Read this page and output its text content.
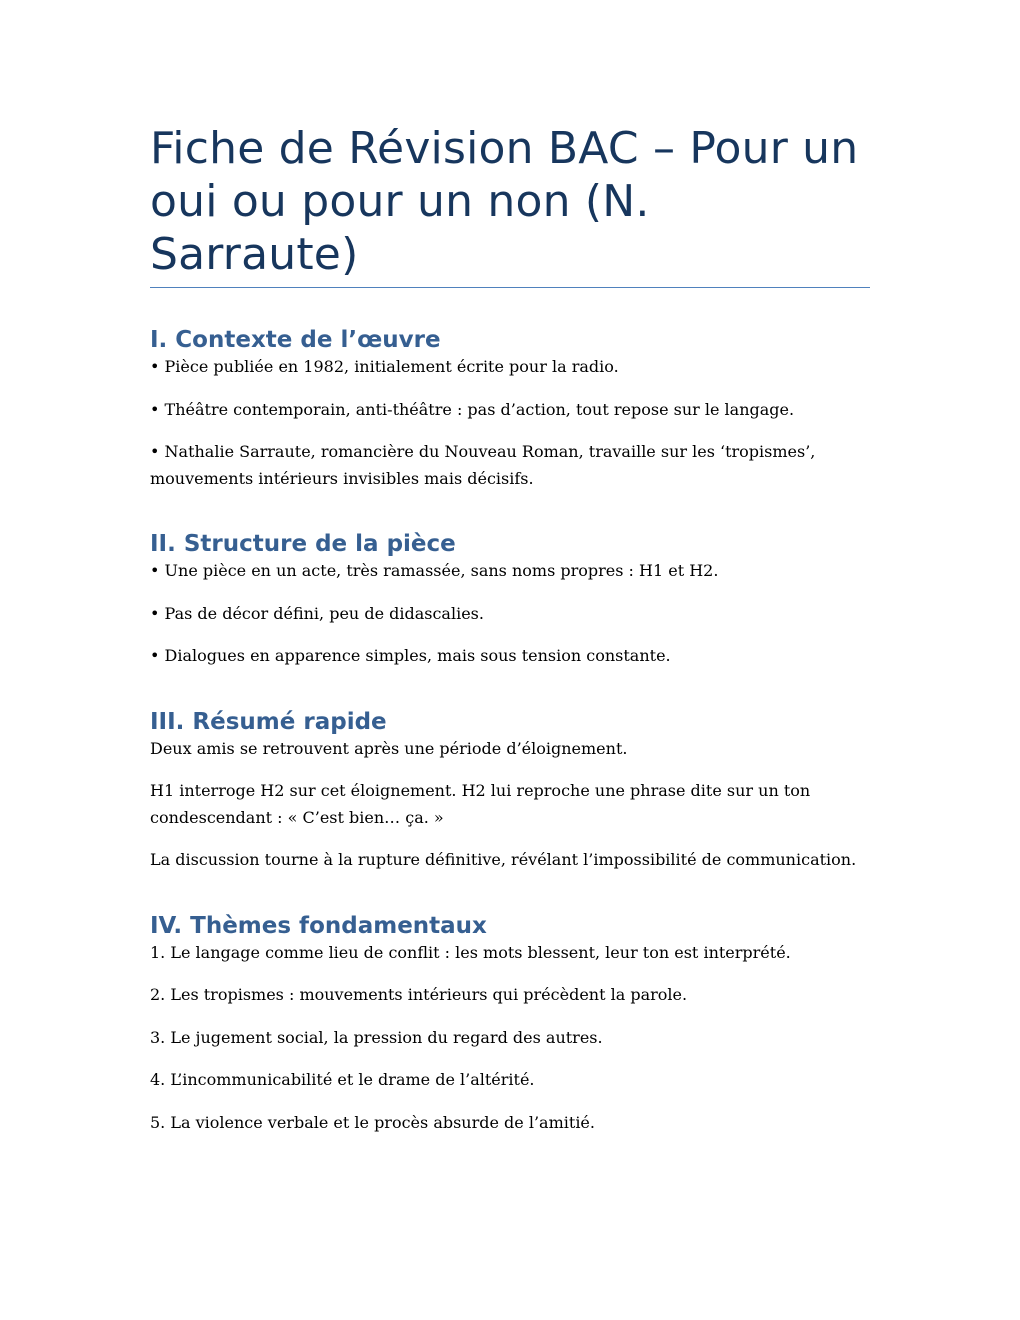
Fiche de Révision BAC – Pour un oui ou pour un non (N. Sarraute)
I. Contexte de l’œuvre

• Pièce publiée en 1982, initialement écrite pour la radio.

• Théâtre contemporain, anti-théâtre : pas d’action, tout repose sur le langage.

• Nathalie Sarraute, romancière du Nouveau Roman, travaille sur les ‘tropismes’, mouvements intérieurs invisibles mais décisifs.

II. Structure de la pièce

• Une pièce en un acte, très ramassée, sans noms propres : H1 et H2.

• Pas de décor défini, peu de didascalies.

• Dialogues en apparence simples, mais sous tension constante.

III. Résumé rapide

Deux amis se retrouvent après une période d’éloignement.

H1 interroge H2 sur cet éloignement. H2 lui reproche une phrase dite sur un ton condescendant : « C’est bien… ça. »

La discussion tourne à la rupture définitive, révélant l’impossibilité de communication.

IV. Thèmes fondamentaux

1. Le langage comme lieu de conflit : les mots blessent, leur ton est interprété.

2. Les tropismes : mouvements intérieurs qui précèdent la parole.

3. Le jugement social, la pression du regard des autres.

4. L’incommunicabilité et le drame de l’altérité.

5. La violence verbale et le procès absurde de l’amitié.
